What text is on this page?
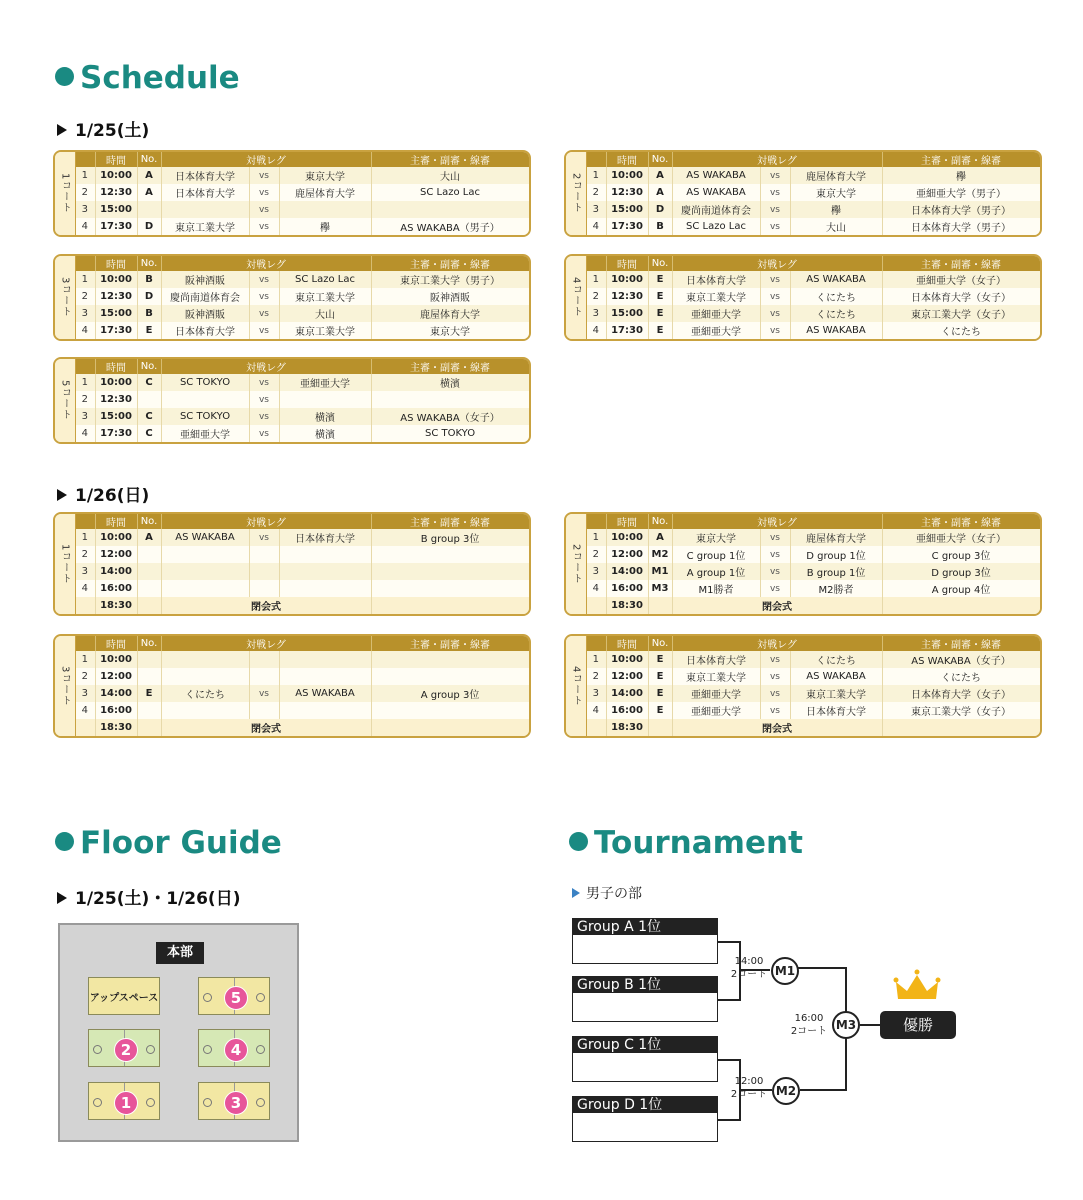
Schedule
1/25(土)
1コート
	時間	No.	対戦レグ			主審・副審・線審
1	10:00	A	日本体育大学	vs	東京大学	大山
2	12:30	A	日本体育大学	vs	鹿屋体育大学	SC Lazo Lac
3	15:00			vs		
4	17:30	D	東京工業大学	vs	欅	AS WAKABA（男子）
2コート
	時間	No.	対戦レグ			主審・副審・線審
1	10:00	A	AS WAKABA	vs	鹿屋体育大学	欅
2	12:30	A	AS WAKABA	vs	東京大学	亜細亜大学（男子）
3	15:00	D	慶尚南道体育会	vs	欅	日本体育大学（男子）
4	17:30	B	SC Lazo Lac	vs	大山	日本体育大学（男子）
3コート
	時間	No.	対戦レグ			主審・副審・線審
1	10:00	B	阪神酒販	vs	SC Lazo Lac	東京工業大学（男子）
2	12:30	D	慶尚南道体育会	vs	東京工業大学	阪神酒販
3	15:00	B	阪神酒販	vs	大山	鹿屋体育大学
4	17:30	E	日本体育大学	vs	東京工業大学	東京大学
4コート
	時間	No.	対戦レグ			主審・副審・線審
1	10:00	E	日本体育大学	vs	AS WAKABA	亜細亜大学（女子）
2	12:30	E	東京工業大学	vs	くにたち	日本体育大学（女子）
3	15:00	E	亜細亜大学	vs	くにたち	東京工業大学（女子）
4	17:30	E	亜細亜大学	vs	AS WAKABA	くにたち
5コート
	時間	No.	対戦レグ			主審・副審・線審
1	10:00	C	SC TOKYO	vs	亜細亜大学	横濱
2	12:30			vs		
3	15:00	C	SC TOKYO	vs	横濱	AS WAKABA（女子）
4	17:30	C	亜細亜大学	vs	横濱	SC TOKYO
1/26(日)
1コート
	時間	No.	対戦レグ			主審・副審・線審
1	10:00	A	AS WAKABA	vs	日本体育大学	B group 3位
2	12:00					
3	14:00					
4	16:00					
	18:30		閉会式			
2コート
	時間	No.	対戦レグ			主審・副審・線審
1	10:00	A	東京大学	vs	鹿屋体育大学	亜細亜大学（女子）
2	12:00	M2	C group 1位	vs	D group 1位	C group 3位
3	14:00	M1	A group 1位	vs	B group 1位	D group 3位
4	16:00	M3	M1勝者	vs	M2勝者	A group 4位
	18:30		閉会式			
3コート
	時間	No.	対戦レグ			主審・副審・線審
1	10:00					
2	12:00					
3	14:00	E	くにたち	vs	AS WAKABA	A group 3位
4	16:00					
	18:30		閉会式			
4コート
	時間	No.	対戦レグ			主審・副審・線審
1	10:00	E	日本体育大学	vs	くにたち	AS WAKABA（女子）
2	12:00	E	東京工業大学	vs	AS WAKABA	くにたち
3	14:00	E	亜細亜大学	vs	東京工業大学	日本体育大学（女子）
4	16:00	E	亜細亜大学	vs	日本体育大学	東京工業大学（女子）
	18:30		閉会式			
Floor Guide
1/25(土)・1/26(日)
本部
アップスペース	5
2	4
1	3
Tournament
男子の部
Group A 1位
Group B 1位
Group C 1位
Group D 1位
M1
14:00
2コート
M2
12:00
2コート
M3
16:00
2コート	優勝
